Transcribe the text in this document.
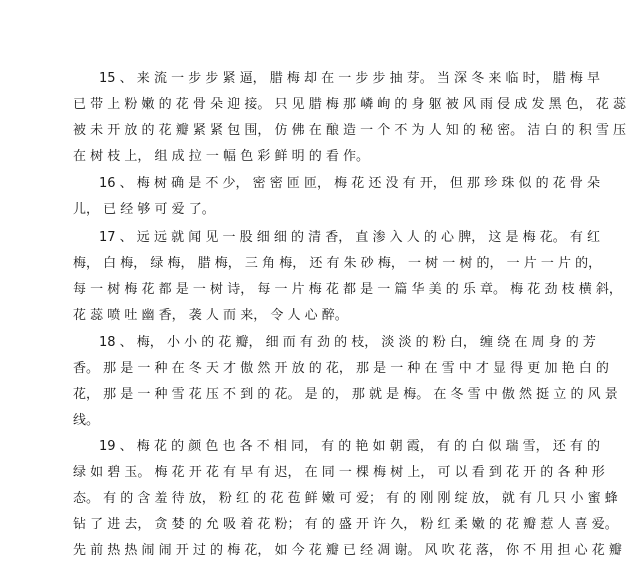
15 、 来 流 一 步 步 紧 逼， 腊 梅 却 在 一 步 步 抽 芽。 当 深 冬 来 临 时， 腊 梅 早
已 带 上 粉 嫩 的 花 骨 朵 迎 接。 只 见 腊 梅 那 嶙 峋 的 身 躯 被 风 雨 侵 成 发 黑 色， 花 蕊
被 未 开 放 的 花 瓣 紧 紧 包 围， 仿 佛 在 酿 造 一 个 不 为 人 知 的 秘 密。 洁 白 的 积 雪 压
在 树 枝 上， 组 成 拉 一 幅 色 彩 鲜 明 的 看 作。
16 、 梅 树 确 是 不 少， 密 密 匝 匝， 梅 花 还 没 有 开， 但 那 珍 珠 似 的 花 骨 朵
儿， 已 经 够 可 爱 了。
17 、 远 远 就 闻 见 一 股 细 细 的 清 香， 直 渗 入 人 的 心 脾， 这 是 梅 花。 有 红
梅， 白 梅， 绿 梅， 腊 梅， 三 角 梅， 还 有 朱 砂 梅， 一 树 一 树 的， 一 片 一 片 的，
每 一 树 梅 花 都 是 一 树 诗， 每 一 片 梅 花 都 是 一 篇 华 美 的 乐 章。 梅 花 劲 枝 横 斜，
花 蕊 喷 吐 幽 香， 袭 人 而 来， 令 人 心 醉。
18 、 梅， 小 小 的 花 瓣， 细 而 有 劲 的 枝， 淡 淡 的 粉 白， 缠 绕 在 周 身 的 芳
香。 那 是 一 种 在 冬 天 才 傲 然 开 放 的 花， 那 是 一 种 在 雪 中 才 显 得 更 加 艳 白 的
花， 那 是 一 种 雪 花 压 不 到 的 花。 是 的， 那 就 是 梅。 在 冬 雪 中 傲 然 挺 立 的 风 景
线。
19 、 梅 花 的 颜 色 也 各 不 相 同， 有 的 艳 如 朝 霞， 有 的 白 似 瑞 雪， 还 有 的
绿 如 碧 玉。 梅 花 开 花 有 早 有 迟， 在 同 一 棵 梅 树 上， 可 以 看 到 花 开 的 各 种 形
态。 有 的 含 羞 待 放， 粉 红 的 花 苞 鲜 嫩 可 爱； 有 的 刚 刚 绽 放， 就 有 几 只 小 蜜 蜂
钻 了 进 去， 贪 婪 的 允 吸 着 花 粉； 有 的 盛 开 许 久， 粉 红 柔 嫩 的 花 瓣 惹 人 喜 爱。
先 前 热 热 闹 闹 开 过 的 梅 花， 如 今 花 瓣 已 经 凋 谢。 风 吹 花 落， 你 不 用 担 心 花 瓣
